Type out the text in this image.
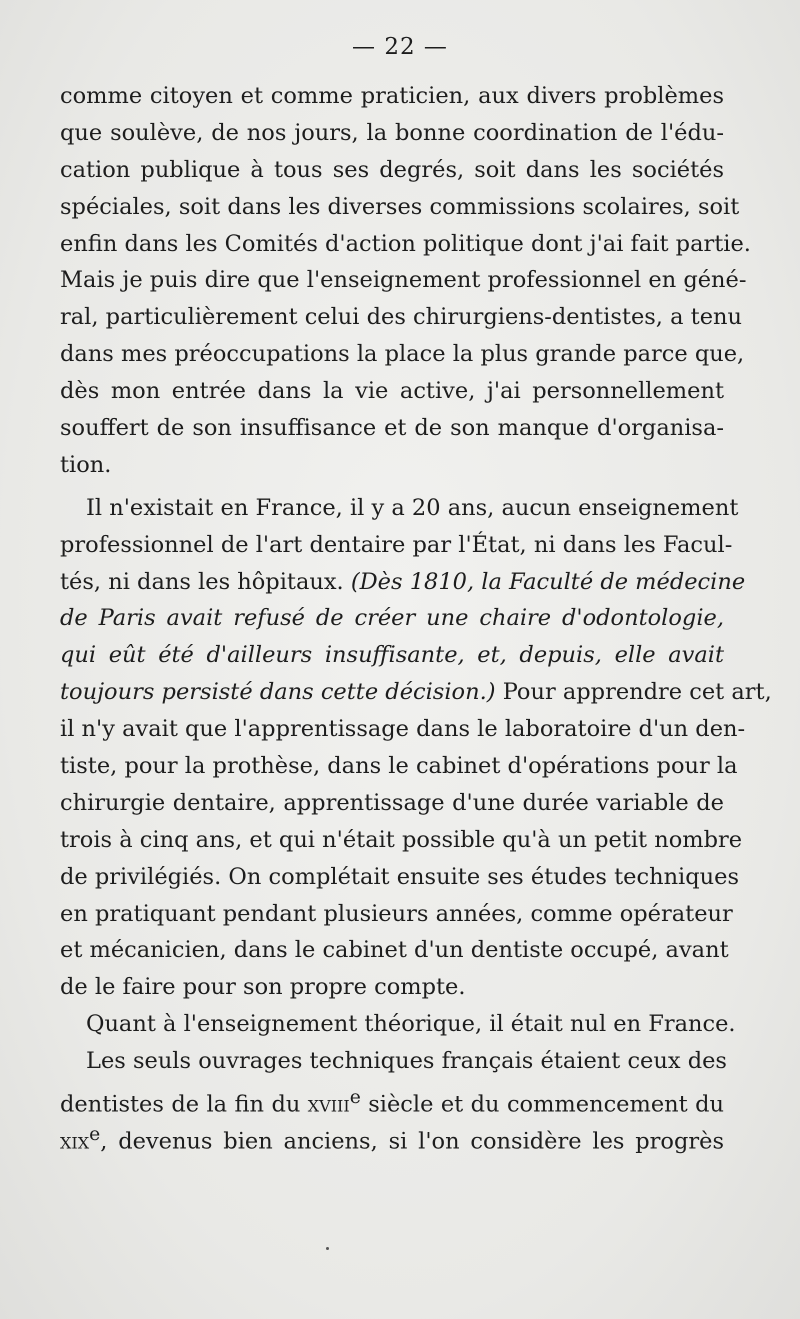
— 22 —
comme citoyen et comme praticien, aux divers problèmes
que soulève, de nos jours, la bonne coordination de l'édu-
cation publique à tous ses degrés, soit dans les sociétés
spéciales, soit dans les diverses commissions scolaires, soit
enfin dans les Comités d'action politique dont j'ai fait partie.
Mais je puis dire que l'enseignement professionnel en géné-
ral, particulièrement celui des chirurgiens-dentistes, a tenu
dans mes préoccupations la place la plus grande parce que,
dès mon entrée dans la vie active, j'ai personnellement
souffert de son insuffisance et de son manque d'organisa-
tion.
Il n'existait en France, il y a 20 ans, aucun enseignement
professionnel de l'art dentaire par l'État, ni dans les Facul-
tés, ni dans les hôpitaux. (Dès 1810, la Faculté de médecine
de Paris avait refusé de créer une chaire d'odontologie,
qui eût été d'ailleurs insuffisante, et, depuis, elle avait
toujours persisté dans cette décision.) Pour apprendre cet art,
il n'y avait que l'apprentissage dans le laboratoire d'un den-
tiste, pour la prothèse, dans le cabinet d'opérations pour la
chirurgie dentaire, apprentissage d'une durée variable de
trois à cinq ans, et qui n'était possible qu'à un petit nombre
de privilégiés. On complétait ensuite ses études techniques
en pratiquant pendant plusieurs années, comme opérateur
et mécanicien, dans le cabinet d'un dentiste occupé, avant
de le faire pour son propre compte.
Quant à l'enseignement théorique, il était nul en France.
Les seuls ouvrages techniques français étaient ceux des
dentistes de la fin du xviii$^e$ siècle et du commencement du
xix$^e$, devenus bien anciens, si l'on considère les progrès
